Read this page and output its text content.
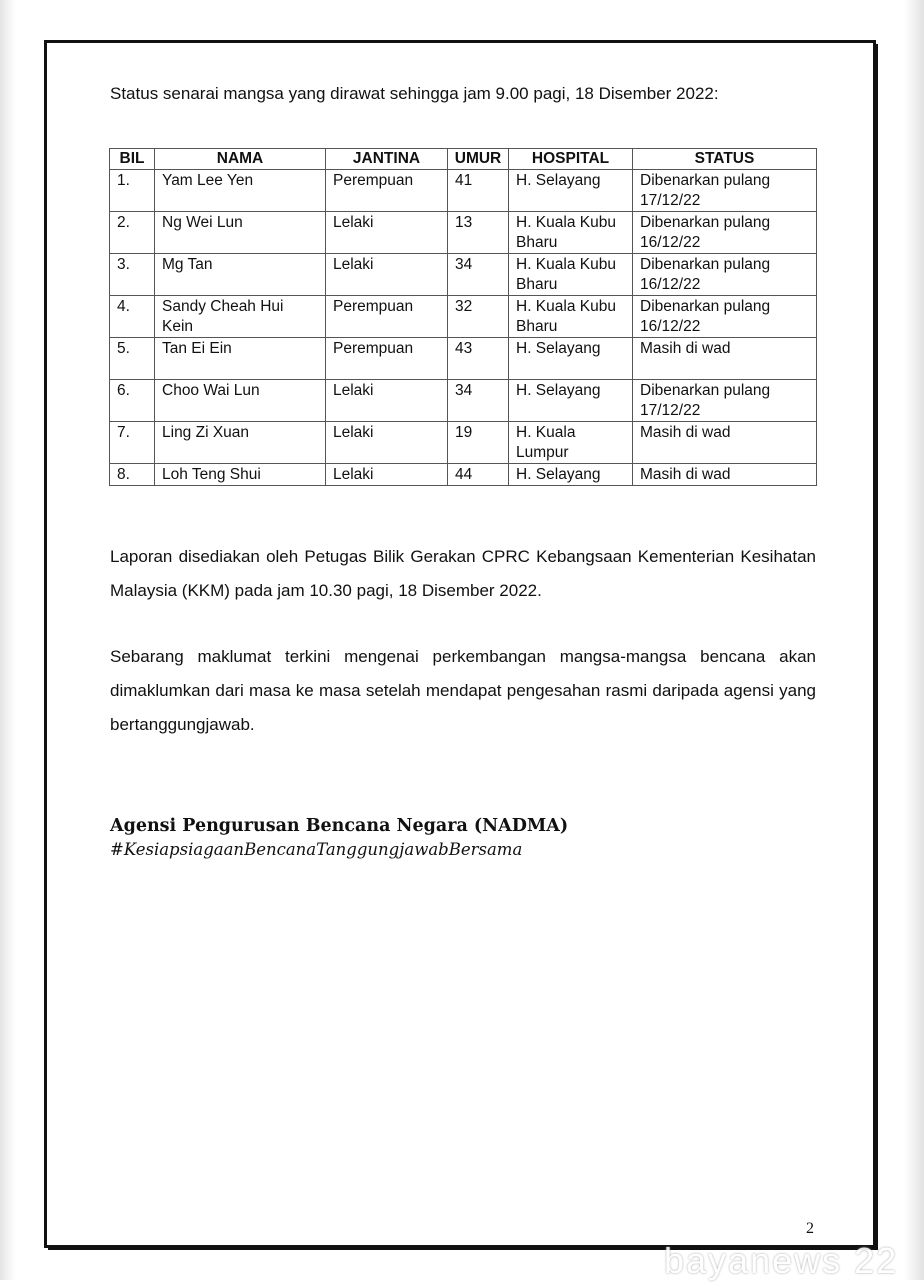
Status senarai mangsa yang dirawat sehingga jam 9.00 pagi, 18 Disember 2022:
BIL	NAMA	JANTINA	UMUR	HOSPITAL	STATUS
1.	Yam Lee Yen	Perempuan	41	H. Selayang	Dibenarkan pulang 17/12/22
2.	Ng Wei Lun	Lelaki	13	H. Kuala Kubu Bharu	Dibenarkan pulang 16/12/22
3.	Mg Tan	Lelaki	34	H. Kuala Kubu Bharu	Dibenarkan pulang 16/12/22
4.	Sandy Cheah Hui Kein	Perempuan	32	H. Kuala Kubu Bharu	Dibenarkan pulang 16/12/22
5.	Tan Ei Ein	Perempuan	43	H. Selayang	Masih di wad
6.	Choo Wai Lun	Lelaki	34	H. Selayang	Dibenarkan pulang 17/12/22
7.	Ling Zi Xuan	Lelaki	19	H. Kuala Lumpur	Masih di wad
8.	Loh Teng Shui	Lelaki	44	H. Selayang	Masih di wad
Laporan disediakan oleh Petugas Bilik Gerakan CPRC Kebangsaan Kementerian Kesihatan Malaysia (KKM) pada jam 10.30 pagi, 18 Disember 2022.
Sebarang maklumat terkini mengenai perkembangan mangsa-mangsa bencana akan dimaklumkan dari masa ke masa setelah mendapat pengesahan rasmi daripada agensi yang bertanggungjawab.
Agensi Pengurusan Bencana Negara (NADMA)
#KesiapsiagaanBencanaTanggungjawabBersama
2
bayanews 22
